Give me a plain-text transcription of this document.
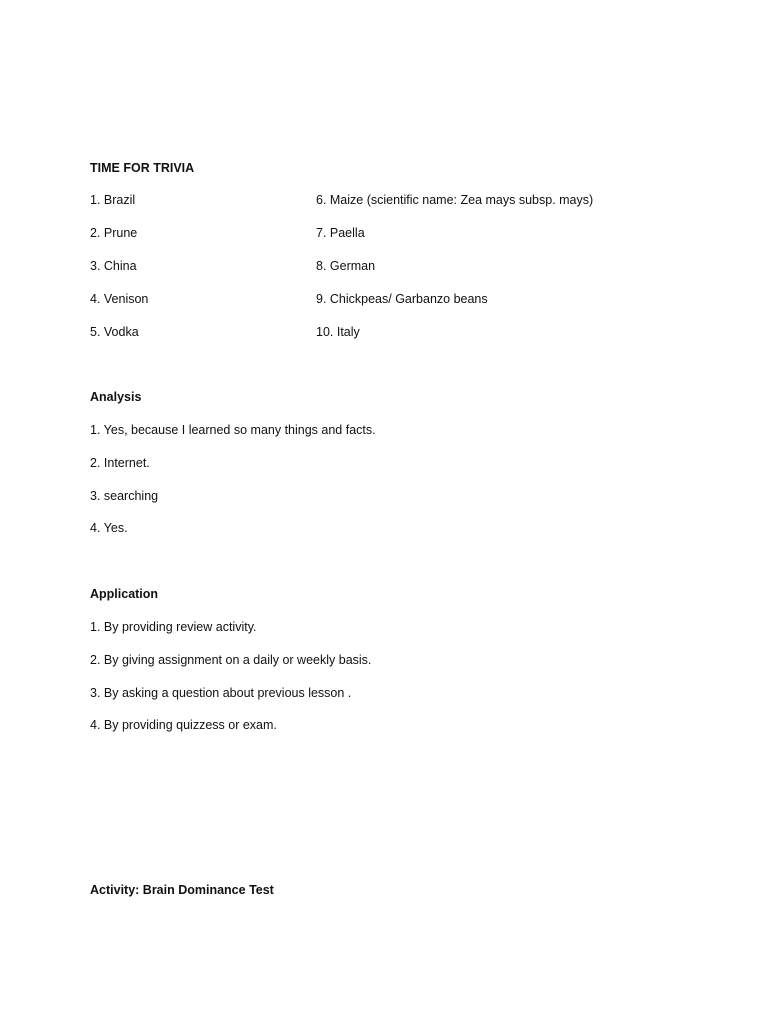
TIME FOR TRIVIA
1. Brazil
2. Prune
3. China
4. Venison
5. Vodka
6. Maize (scientific name: Zea mays subsp. mays)
7. Paella
8. German
9. Chickpeas/ Garbanzo beans
10. Italy
Analysis
1. Yes, because I learned so many things and facts.
2. Internet.
3. searching
4. Yes.
Application
1. By providing review activity.
2. By giving assignment on a daily or weekly basis.
3. By asking a question about previous lesson .
4. By providing quizzess or exam.
Activity: Brain Dominance Test
